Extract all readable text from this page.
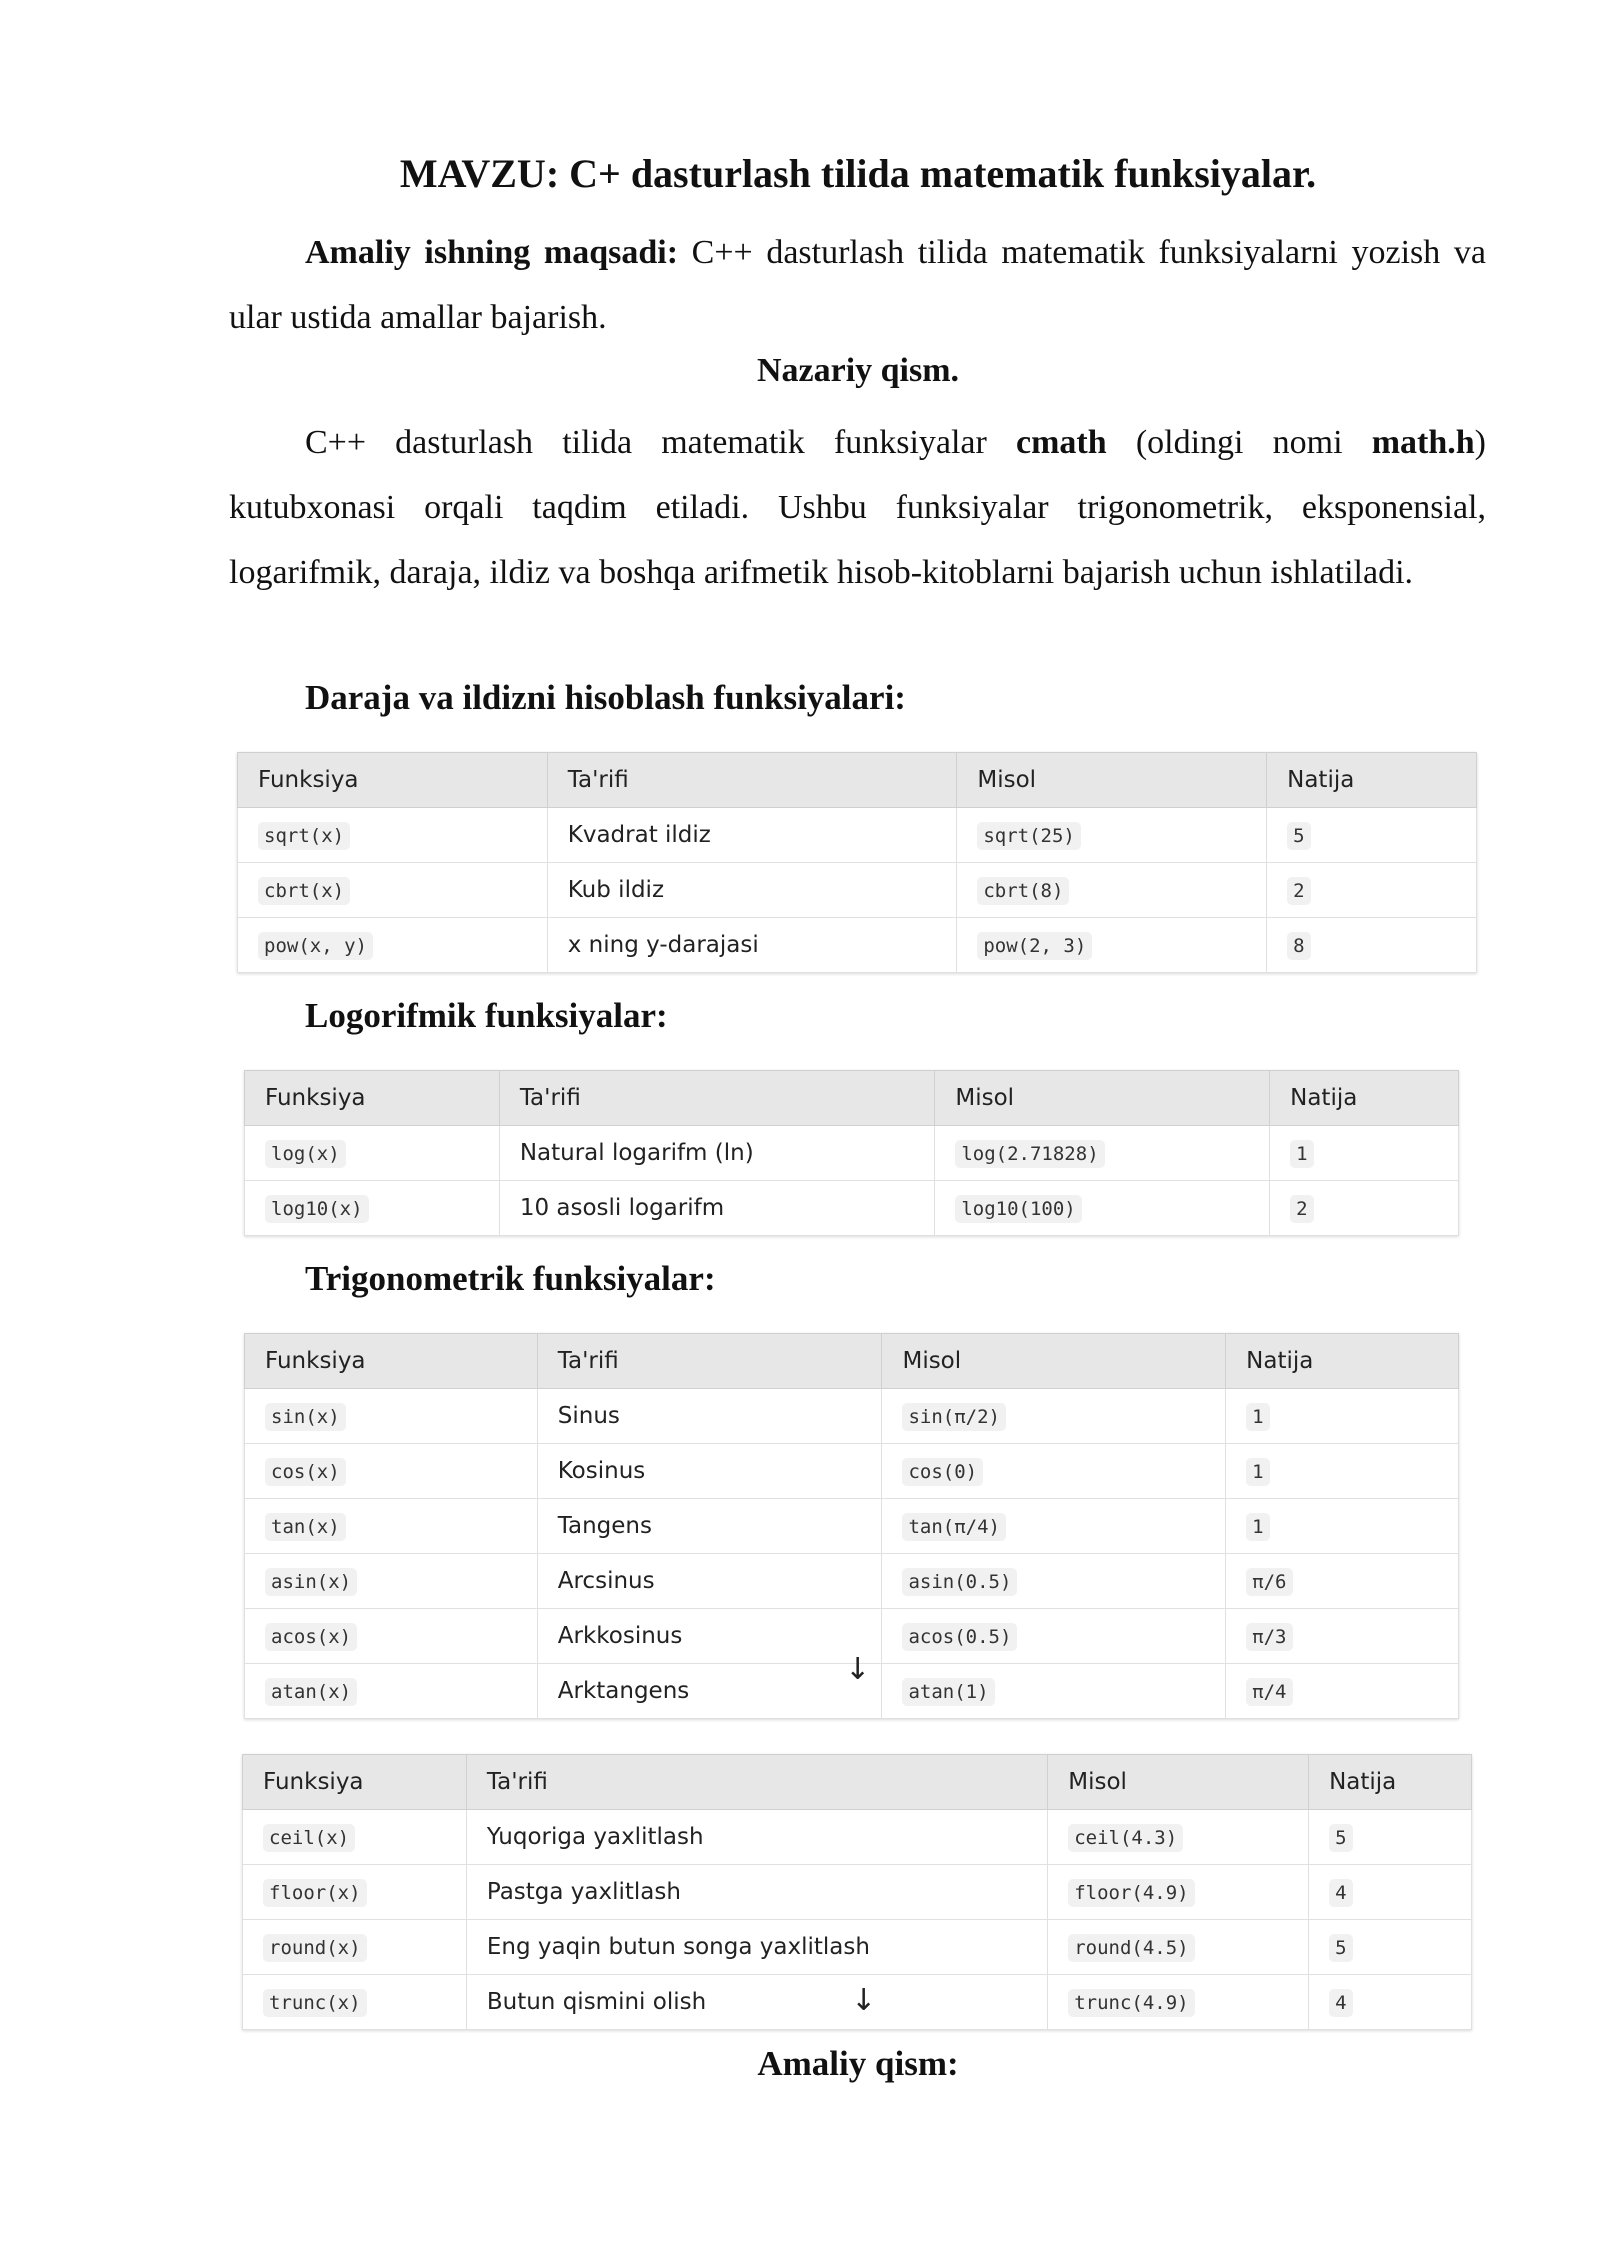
MAVZU: C+ dasturlash tilida matematik funksiyalar.
Amaliy ishning maqsadi: C++ dasturlash tilida matematik funksiyalarni yozish va ular ustida amallar bajarish.
Nazariy qism.
C++ dasturlash tilida matematik funksiyalar cmath (oldingi nomi math.h) kutubxonasi orqali taqdim etiladi. Ushbu funksiyalar trigonometrik, eksponensial, logarifmik, daraja, ildiz va boshqa arifmetik hisob-kitoblarni bajarish uchun ishlatiladi.
Daraja va ildizni hisoblash funksiyalari:
Funksiya	Ta'rifi	Misol	Natija
sqrt(x)	Kvadrat ildiz	sqrt(25)	5
cbrt(x)	Kub ildiz	cbrt(8)	2
pow(x, y)	x ning y-darajasi	pow(2, 3)	8
Logorifmik funksiyalar:
Funksiya	Ta'rifi	Misol	Natija
log(x)	Natural logarifm (ln)	log(2.71828)	1
log10(x)	10 asosli logarifm	log10(100)	2
Trigonometrik funksiyalar:
Funksiya	Ta'rifi	Misol	Natija
sin(x)	Sinus	sin(π/2)	1
cos(x)	Kosinus	cos(0)	1
tan(x)	Tangens	tan(π/4)	1
asin(x)	Arcsinus	asin(0.5)	π/6
acos(x)	Arkkosinus	acos(0.5)	π/3
atan(x)	Arktangens	atan(1)	π/4
↓
Funksiya	Ta'rifi	Misol	Natija
ceil(x)	Yuqoriga yaxlitlash	ceil(4.3)	5
floor(x)	Pastga yaxlitlash	floor(4.9)	4
round(x)	Eng yaqin butun songa yaxlitlash	round(4.5)	5
trunc(x)	Butun qismini olish	trunc(4.9)	4
↓
Amaliy qism:
